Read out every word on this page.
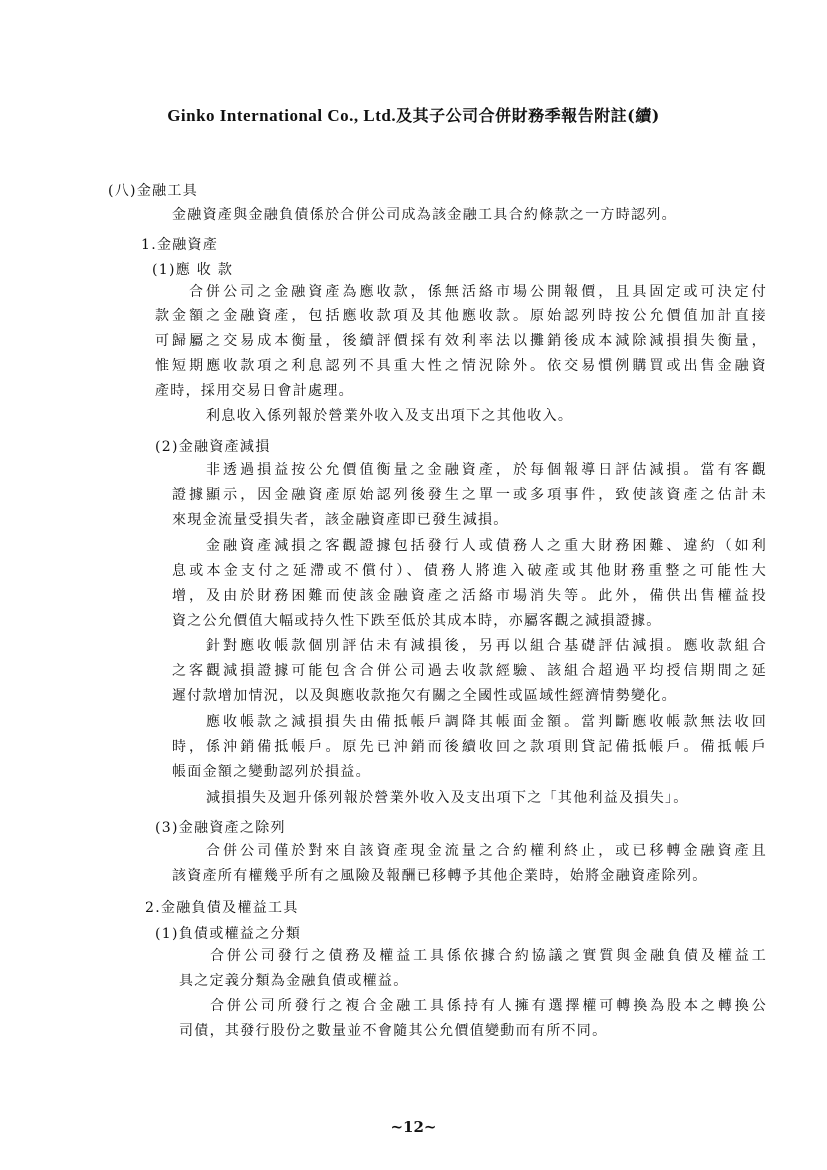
Ginko International Co., Ltd.及其子公司合併財務季報告附註(續)
(八)金融工具
金融資產與金融負債係於合併公司成為該金融工具合約條款之一方時認列。
1.金融資產
(1)應 收 款
合併公司之金融資產為應收款，係無活絡市場公開報價，且具固定或可決定付
款金額之金融資產，包括應收款項及其他應收款。原始認列時按公允價值加計直接
可歸屬之交易成本衡量，後續評價採有效利率法以攤銷後成本減除減損損失衡量，
惟短期應收款項之利息認列不具重大性之情況除外。依交易慣例購買或出售金融資
產時，採用交易日會計處理。
利息收入係列報於營業外收入及支出項下之其他收入。
(2)金融資產減損
非透過損益按公允價值衡量之金融資產，於每個報導日評估減損。當有客觀
證據顯示，因金融資產原始認列後發生之單一或多項事件，致使該資產之估計未
來現金流量受損失者，該金融資產即已發生減損。
金融資產減損之客觀證據包括發行人或債務人之重大財務困難、違約（如利
息或本金支付之延滯或不償付）、債務人將進入破產或其他財務重整之可能性大
增，及由於財務困難而使該金融資產之活絡市場消失等。此外，備供出售權益投
資之公允價值大幅或持久性下跌至低於其成本時，亦屬客觀之減損證據。
針對應收帳款個別評估未有減損後，另再以組合基礎評估減損。應收款組合
之客觀減損證據可能包含合併公司過去收款經驗、該組合超過平均授信期間之延
遲付款增加情況，以及與應收款拖欠有關之全國性或區域性經濟情勢變化。
應收帳款之減損損失由備抵帳戶調降其帳面金額。當判斷應收帳款無法收回
時，係沖銷備抵帳戶。原先已沖銷而後續收回之款項則貸記備抵帳戶。備抵帳戶
帳面金額之變動認列於損益。
減損損失及迴升係列報於營業外收入及支出項下之「其他利益及損失」。
(3)金融資產之除列
合併公司僅於對來自該資產現金流量之合約權利終止，或已移轉金融資產且
該資產所有權幾乎所有之風險及報酬已移轉予其他企業時，始將金融資產除列。
2.金融負債及權益工具
(1)負債或權益之分類
合併公司發行之債務及權益工具係依據合約協議之實質與金融負債及權益工
具之定義分類為金融負債或權益。
合併公司所發行之複合金融工具係持有人擁有選擇權可轉換為股本之轉換公
司債，其發行股份之數量並不會隨其公允價值變動而有所不同。
~12~
